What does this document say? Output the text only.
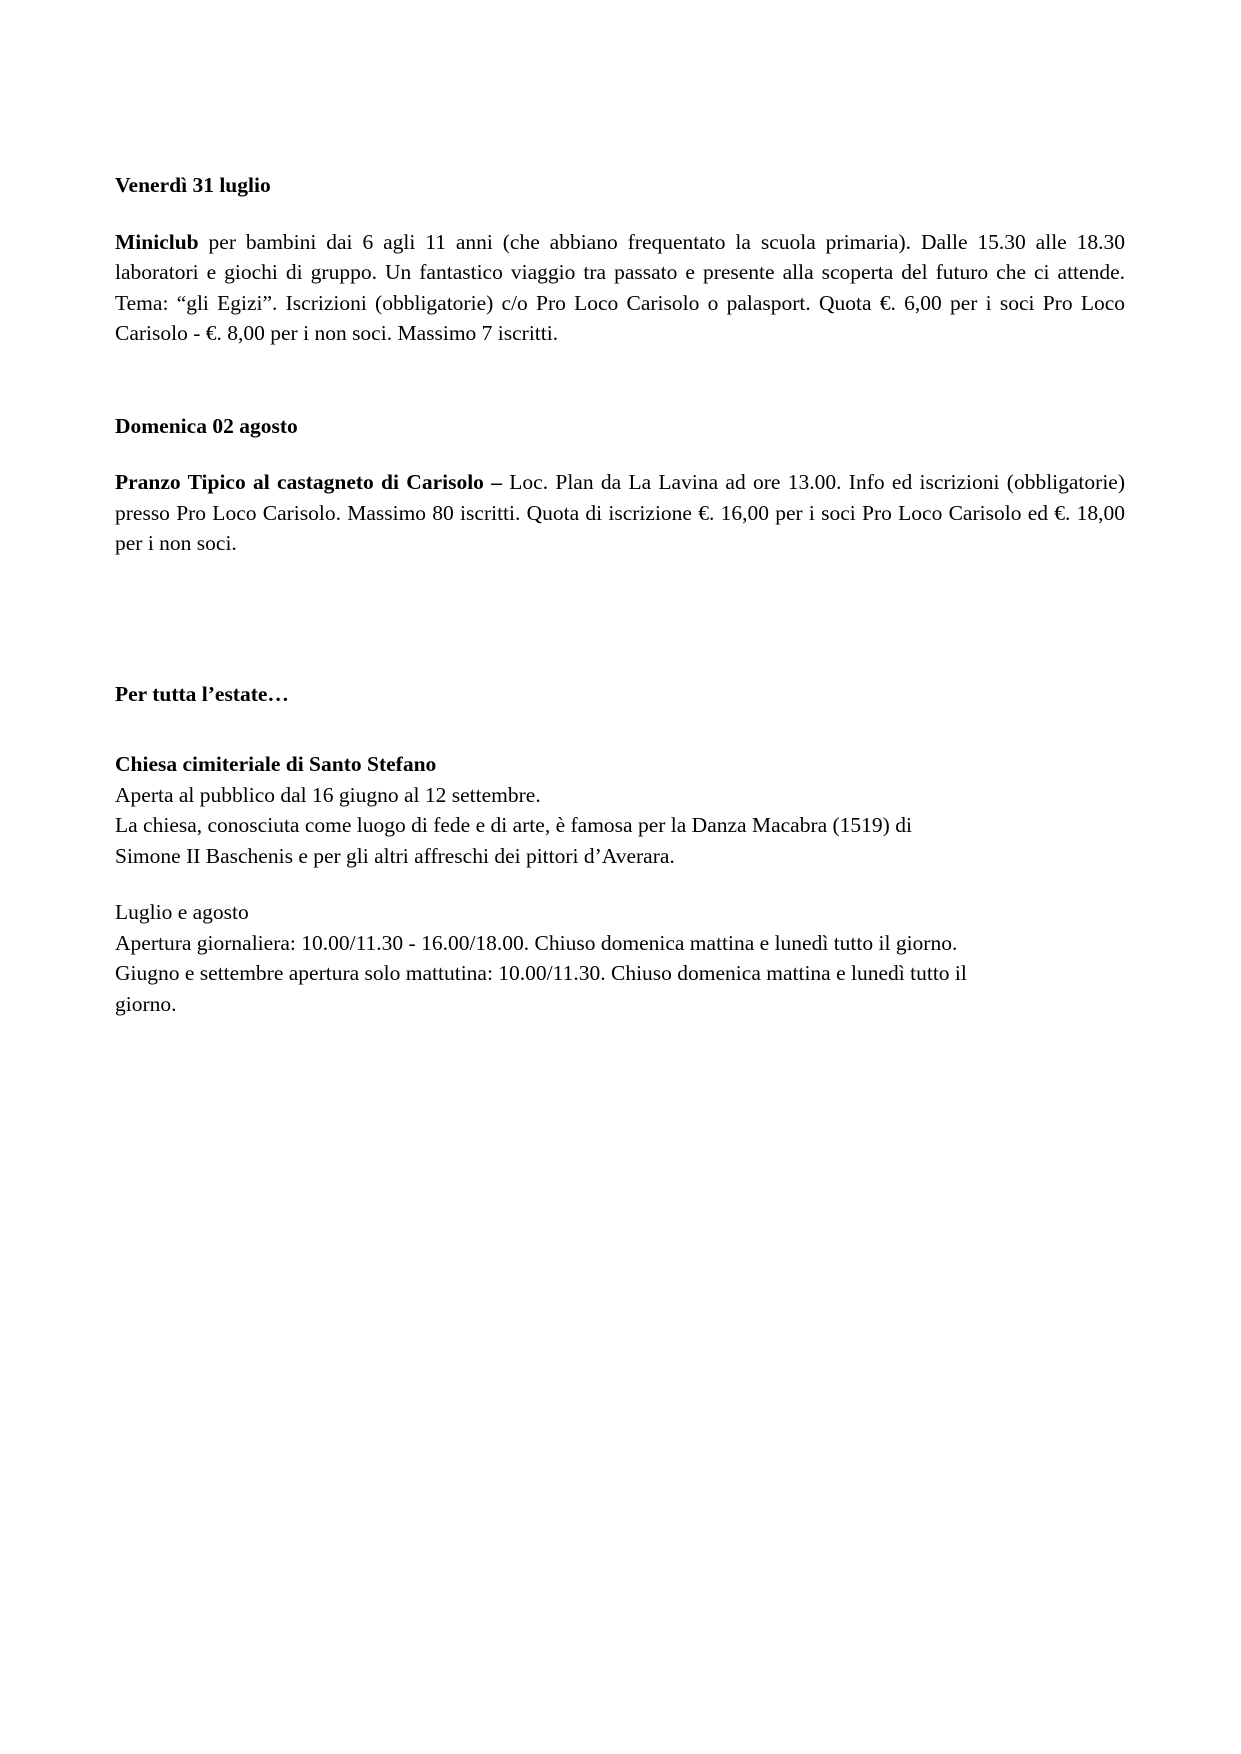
Venerdì 31 luglio

Miniclub per bambini dai 6 agli 11 anni (che abbiano frequentato la scuola primaria). Dalle 15.30 alle 18.30 laboratori e giochi di gruppo. Un fantastico viaggio tra passato e presente alla scoperta del futuro che ci attende. Tema: “gli Egizi”. Iscrizioni (obbligatorie) c/o Pro Loco Carisolo o palasport. Quota €. 6,00 per i soci Pro Loco Carisolo - €. 8,00 per i non soci. Massimo 7 iscritti.

Domenica 02 agosto

Pranzo Tipico al castagneto di Carisolo – Loc. Plan da La Lavina ad ore 13.00. Info ed iscrizioni (obbligatorie) presso Pro Loco Carisolo. Massimo 80 iscritti. Quota di iscrizione €. 16,00 per i soci Pro Loco Carisolo ed €. 18,00 per i non soci.

Per tutta l’estate…

Chiesa cimiteriale di Santo Stefano

Aperta al pubblico dal 16 giugno al 12 settembre.

La chiesa, conosciuta come luogo di fede e di arte, è famosa per la Danza Macabra (1519) di

Simone II Baschenis e per gli altri affreschi dei pittori d’Averara.

Luglio e agosto

Apertura giornaliera: 10.00/11.30 - 16.00/18.00. Chiuso domenica mattina e lunedì tutto il giorno.

Giugno e settembre apertura solo mattutina: 10.00/11.30. Chiuso domenica mattina e lunedì tutto il

giorno.
